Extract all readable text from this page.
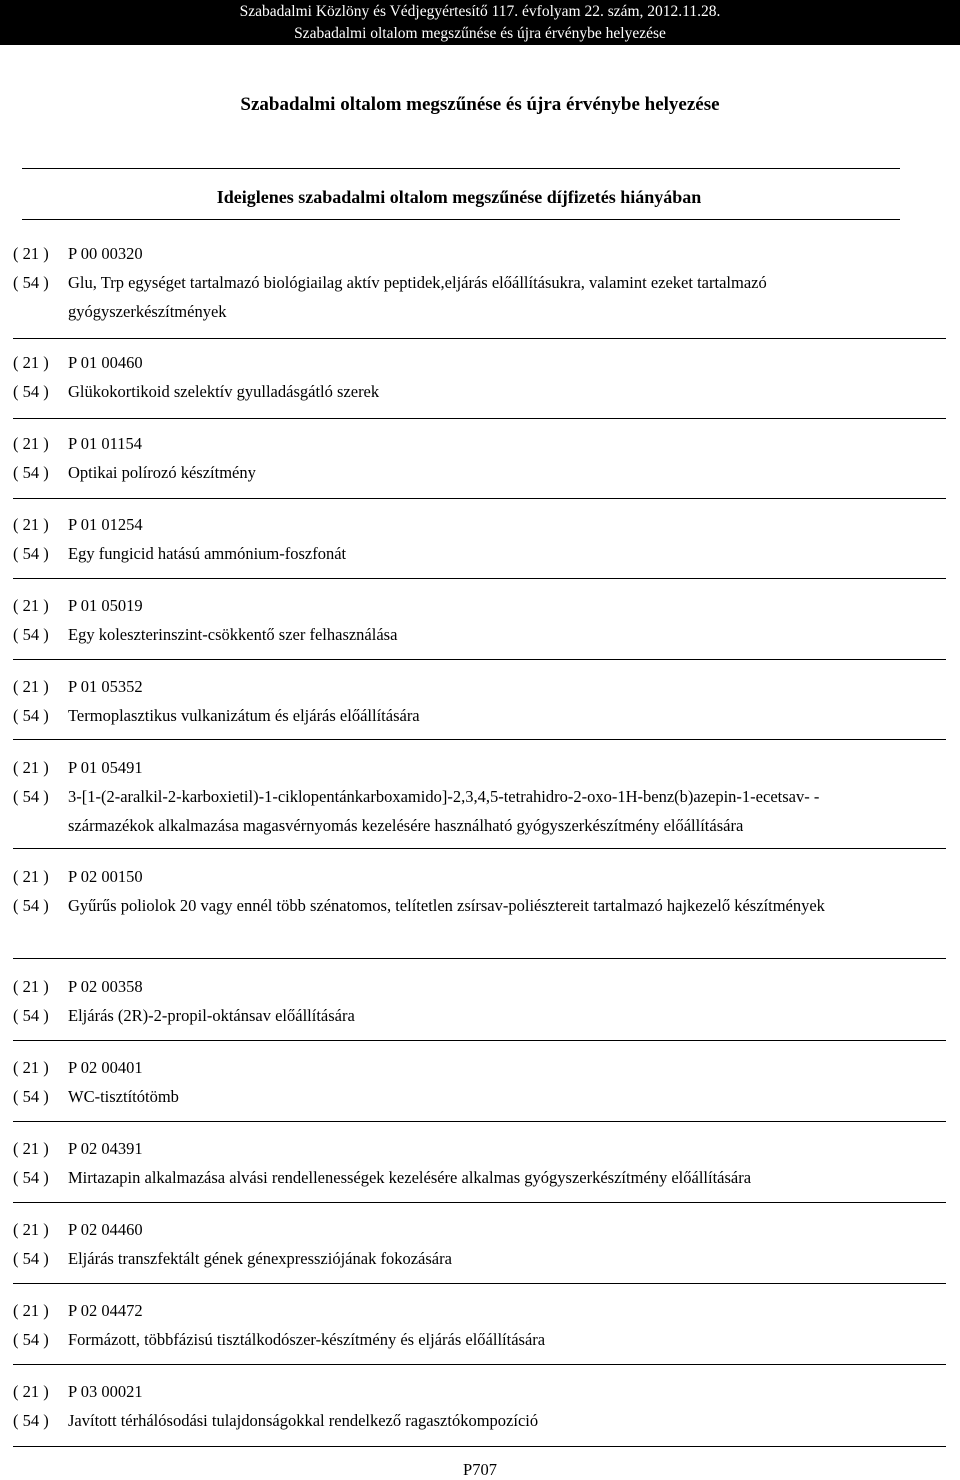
Szabadalmi Közlöny és Védjegyértesítő 117. évfolyam 22. szám, 2012.11.28.
Szabadalmi oltalom megszűnése és újra érvénybe helyezése
Szabadalmi oltalom megszűnése és újra érvénybe helyezése
Ideiglenes szabadalmi oltalom megszűnése díjfizetés hiányában
( 21 ) P 00 00320
( 54 ) Glu, Trp egységet tartalmazó biológiailag aktív peptidek,eljárás előállításukra, valamint ezeket tartalmazó gyógyszerkészítmények
( 21 ) P 01 00460
( 54 ) Glükokortikoid szelektív gyulladásgátló szerek
( 21 ) P 01 01154
( 54 ) Optikai polírozó készítmény
( 21 ) P 01 01254
( 54 ) Egy fungicid hatású ammónium-foszfonát
( 21 ) P 01 05019
( 54 ) Egy koleszterinszint-csökkentő szer felhasználása
( 21 ) P 01 05352
( 54 ) Termoplasztikus vulkanizátum és eljárás előállítására
( 21 ) P 01 05491
( 54 ) 3-[1-(2-aralkil-2-karboxietil)-1-ciklopentánkarboxamido]-2,3,4,5-tetrahidro-2-oxo-1H-benz(b)azepin-1-ecetsav- -származékok alkalmazása magasvérnyomás kezelésére használható gyógyszerkészítmény előállítására
( 21 ) P 02 00150
( 54 ) Gyűrűs poliolok 20 vagy ennél több szénatomos, telítetlen zsírsav-poliésztereit tartalmazó hajkezelő készítmények
( 21 ) P 02 00358
( 54 ) Eljárás (2R)-2-propil-oktánsav előállítására
( 21 ) P 02 00401
( 54 ) WC-tisztítótömb
( 21 ) P 02 04391
( 54 ) Mirtazapin alkalmazása alvási rendellenességek kezelésére alkalmas gyógyszerkészítmény előállítására
( 21 ) P 02 04460
( 54 ) Eljárás transzfektált gének génexpressziójának fokozására
( 21 ) P 02 04472
( 54 ) Formázott, többfázisú tisztálkodószer-készítmény és eljárás előállítására
( 21 ) P 03 00021
( 54 ) Javított térhálósodási tulajdonságokkal rendelkező ragasztókompozíció
P707
